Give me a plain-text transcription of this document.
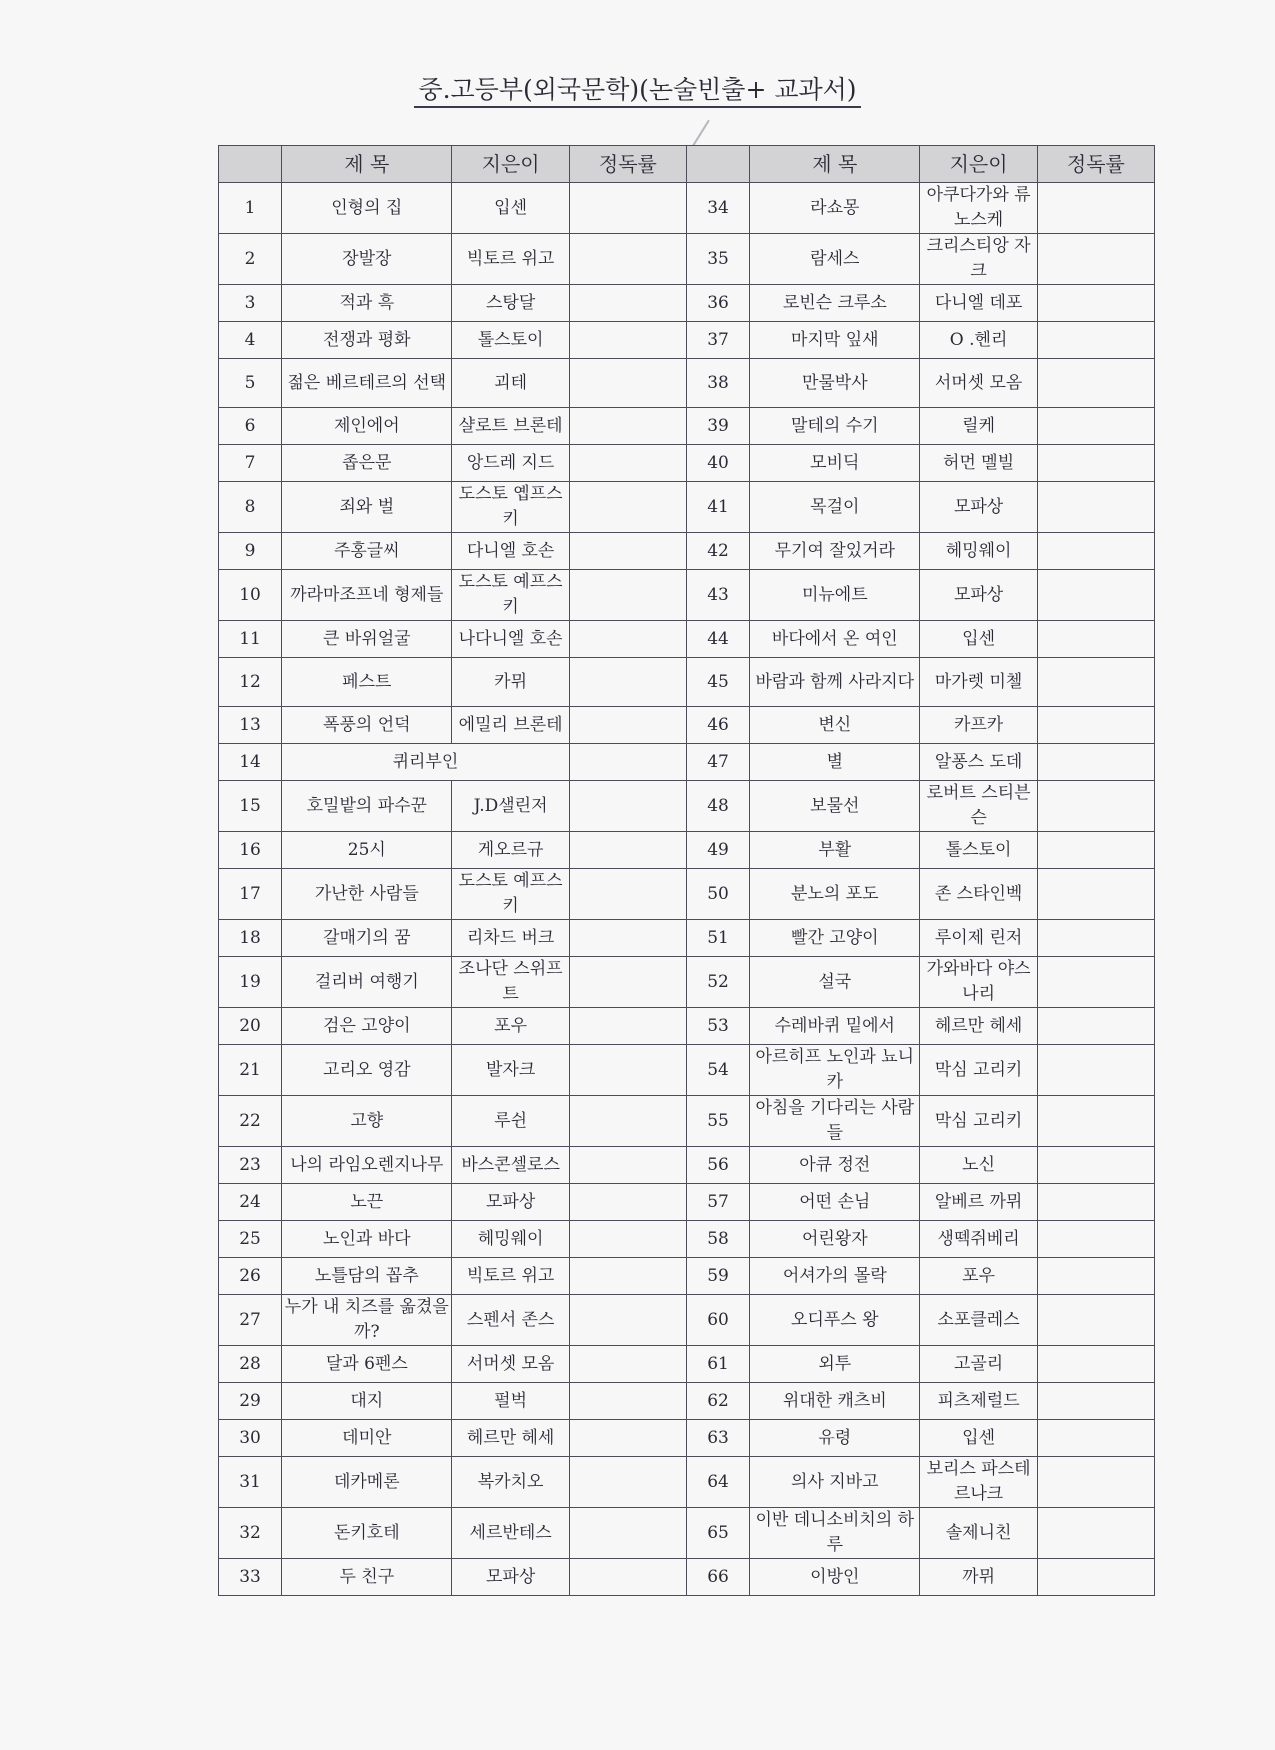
중.고등부(외국문학)(논술빈출+ 교과서)
	제 목	지은이	정독률		제 목	지은이	정독률
1	인형의 집	입센		34	라쇼몽	아쿠다가와 류노스케	
2	장발장	빅토르 위고		35	람세스	크리스티앙 자크	
3	적과 흑	스탕달		36	로빈슨 크루소	다니엘 데포	
4	전쟁과 평화	톨스토이		37	마지막 잎새	O .헨리	
5	젊은 베르테르의 선택	괴테		38	만물박사	서머셋 모옴	
6	제인에어	샬로트 브론테		39	말테의 수기	릴케	
7	좁은문	앙드레 지드		40	모비딕	허먼 멜빌	
8	죄와 벌	도스토 옙프스키		41	목걸이	모파상	
9	주홍글씨	다니엘 호손		42	무기여 잘있거라	헤밍웨이	
10	까라마조프네 형제들	도스토 예프스키		43	미뉴에트	모파상	
11	큰 바위얼굴	나다니엘 호손		44	바다에서 온 여인	입센	
12	페스트	카뮈		45	바람과 함께 사라지다	마가렛 미첼	
13	폭풍의 언덕	에밀리 브론테		46	변신	카프카	
14	퀴리부인			47	별	알퐁스 도데	
15	호밀밭의 파수꾼	J.D샐린저		48	보물선	로버트 스티븐슨	
16	25시	게오르규		49	부활	톨스토이	
17	가난한 사람들	도스토 예프스키		50	분노의 포도	존 스타인벡	
18	갈매기의 꿈	리차드 버크		51	빨간 고양이	루이제 린저	
19	걸리버 여행기	조나단 스위프트		52	설국	가와바다 야스나리	
20	검은 고양이	포우		53	수레바퀴 밑에서	헤르만 헤세	
21	고리오 영감	발자크		54	아르히프 노인과 뇨니카	막심 고리키	
22	고향	루쉰		55	아침을 기다리는 사람들	막심 고리키	
23	나의 라임오렌지나무	바스콘셀로스		56	아큐 정전	노신	
24	노끈	모파상		57	어떤 손님	알베르 까뮈	
25	노인과 바다	헤밍웨이		58	어린왕자	생떽쥐베리	
26	노틀담의 꼽추	빅토르 위고		59	어셔가의 몰락	포우	
27	누가 내 치즈를 옮겼을까?	스펜서 존스		60	오디푸스 왕	소포클레스	
28	달과 6펜스	서머셋 모옴		61	외투	고골리	
29	대지	펄벅		62	위대한 캐츠비	피츠제럴드	
30	데미안	헤르만 헤세		63	유령	입센	
31	데카메론	복카치오		64	의사 지바고	보리스 파스테르나크	
32	돈키호테	세르반테스		65	이반 데니소비치의 하루	솔제니친	
33	두 친구	모파상		66	이방인	까뮈	
